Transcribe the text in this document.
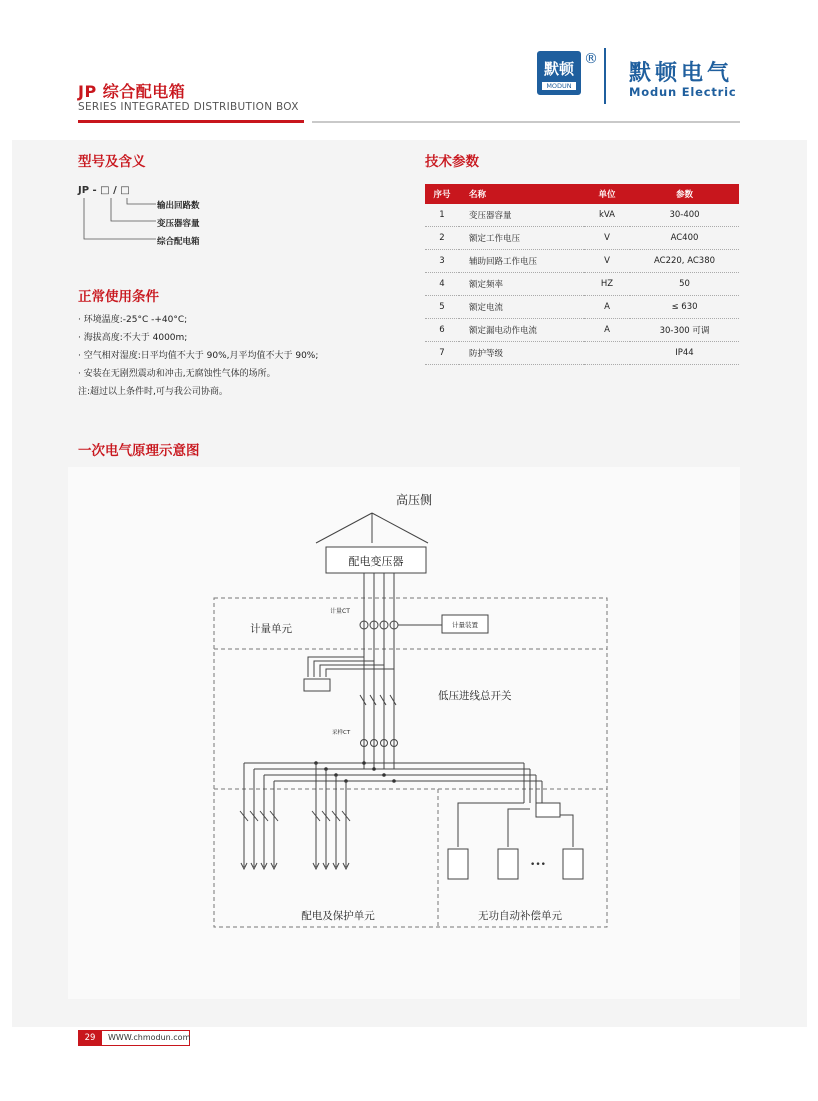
JP 综合配电箱
SERIES INTEGRATED DISTRIBUTION BOX
默顿
MODUN
®
默顿电气
Modun Electric
型号及含义
JP - □ / □
输出回路数
变压器容量
综合配电箱
正常使用条件
· 环境温度:-25°C -+40°C;
· 海拔高度:不大于 4000m;
· 空气相对湿度:日平均值不大于 90%,月平均值不大于 90%;
· 安装在无剧烈震动和冲击,无腐蚀性气体的场所。
注:超过以上条件时,可与我公司协商。
技术参数
序号	名称	单位	参数
1	变压器容量	kVA	30-400
2	额定工作电压	V	AC400
3	辅助回路工作电压	V	AC220, AC380
4	额定频率	HZ	50
5	额定电流	A	≤ 630
6	额定漏电动作电流	A	30-300 可调
7	防护等级		IP44
一次电气原理示意图
高压侧
配电变压器
计量CT
计量装置
计量单元
低压进线总开关
采样CT
配电及保护单元
•••
无功自动补偿单元
29	WWW.chmodun.com
